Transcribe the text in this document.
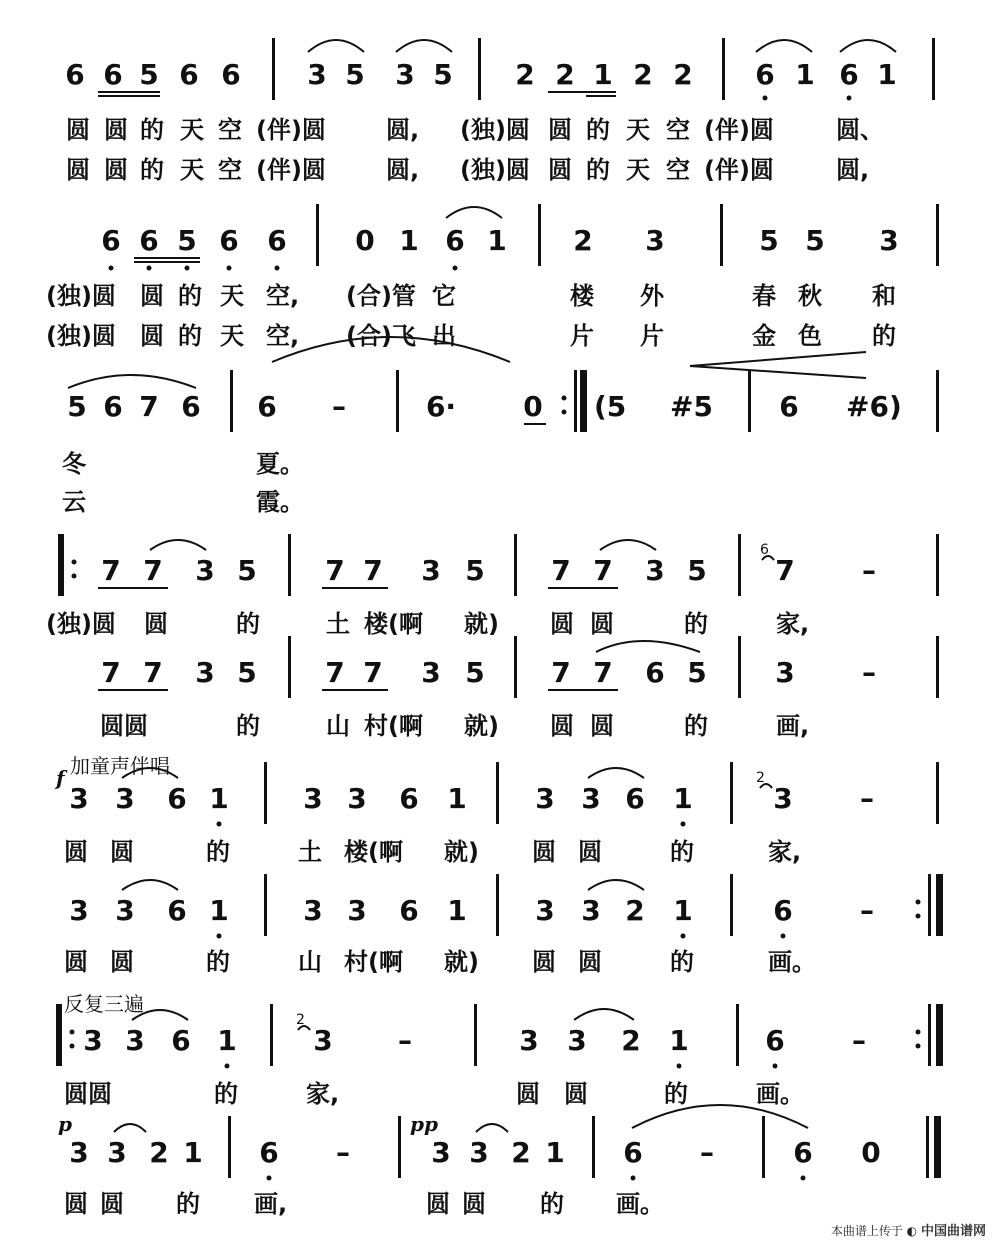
6 6 5 6 6 3 5 3 5 2 2 1 2 2 6 1 6 1
圆 圆 的 天 空 (伴)圆	圆, (独)圆 圆 的 天 空 (伴)圆	圆、
圆 圆 的 天 空 (伴)圆	圆, (独)圆 圆 的 天 空 (伴)圆	圆,
6 6 5 6 6 0 1 6 1 2 3	5 5 3
(独)圆 圆 的 天 空, (合)管 它	楼 外	春 秋 和
(独)圆 圆 的 天 空, (合)飞 出	片 片	金 色 的
5 6 7 6 6 –	6· 0 (5 #5 6 #6)
冬	夏。
云	霞。
7 7 3 5 7 7 3 5 7 7 3 5 7 –
6
(独)圆 圆	的	土 楼(啊 就) 圆 圆	的	家,
7 7 3 5 7 7 3 5 7 7 6 5 3 –
圆圆	的	山 村(啊 就) 圆 圆	的	画,
加童声伴唱
f
3 3 6 1	3 3 6 1 3 3 6 1	3 –
2
圆 圆	的	土 楼(啊 就) 圆 圆	的	家,
3 3 6 1	3 3 6 1 3 3 2 1	6 –
圆 圆	的	山 村(啊 就) 圆 圆	的	画。
反复三遍
3 3 6 1	3 –	3 3 2 1	6 –
2
圆圆	的	家,	圆 圆	的	画。
p
3 3 2 1 6 –
pp
3 3 2 1 6 –	6 0
圆 圆 的 画,	圆 圆 的 画。
本曲谱上传于 ◐ 中国曲谱网
